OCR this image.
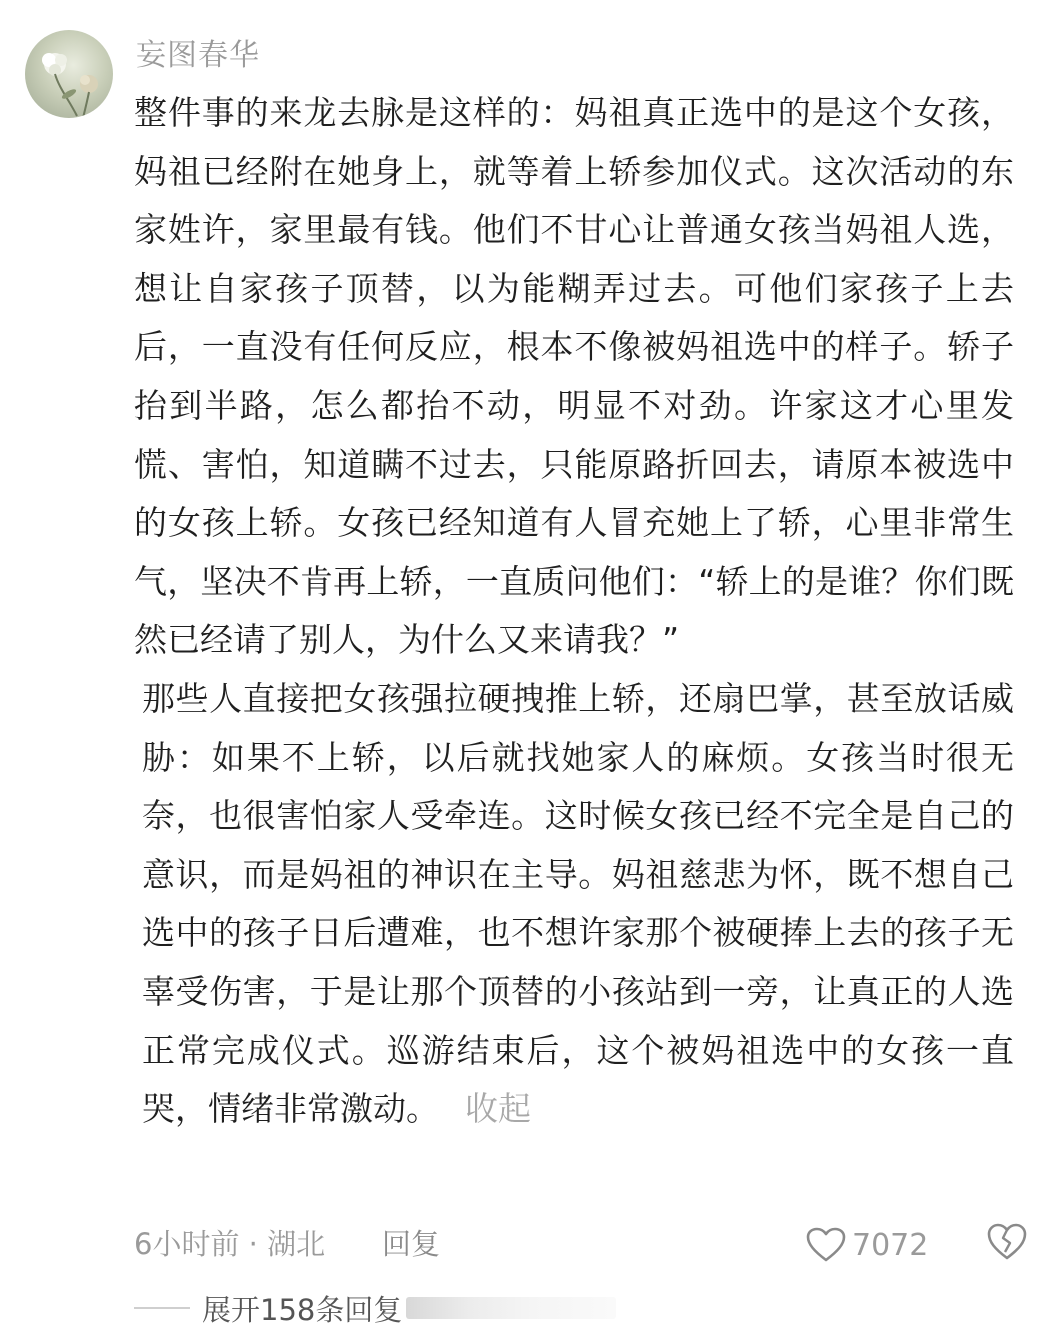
妄图春华

整件事的来龙去脉是这样的：妈祖真正选中的是这个女孩，妈祖已经附在她身上，就等着上轿参加仪式。这次活动的东家姓许，家里最有钱。他们不甘心让普通女孩当妈祖人选，想让自家孩子顶替，以为能糊弄过去。可他们家孩子上去后，一直没有任何反应，根本不像被妈祖选中的样子。轿子抬到半路，怎么都抬不动，明显不对劲。许家这才心里发慌、害怕，知道瞒不过去，只能原路折回去，请原本被选中的女孩上轿。女孩已经知道有人冒充她上了轿，心里非常生气，坚决不肯再上轿，一直质问他们：“轿上的是谁？你们既然已经请了别人，为什么又来请我？”

那些人直接把女孩强拉硬拽推上轿，还扇巴掌，甚至放话威胁：如果不上轿，以后就找她家人的麻烦。女孩当时很无奈，也很害怕家人受牵连。这时候女孩已经不完全是自己的意识，而是妈祖的神识在主导。妈祖慈悲为怀，既不想自己选中的孩子日后遭难，也不想许家那个被硬捧上去的孩子无辜受伤害，于是让那个顶替的小孩站到一旁，让真正的人选正常完成仪式。巡游结束后，这个被妈祖选中的女孩一直哭，情绪非常激动。 收起

6小时前 · 湖北 回复	7072
展开158条回复
